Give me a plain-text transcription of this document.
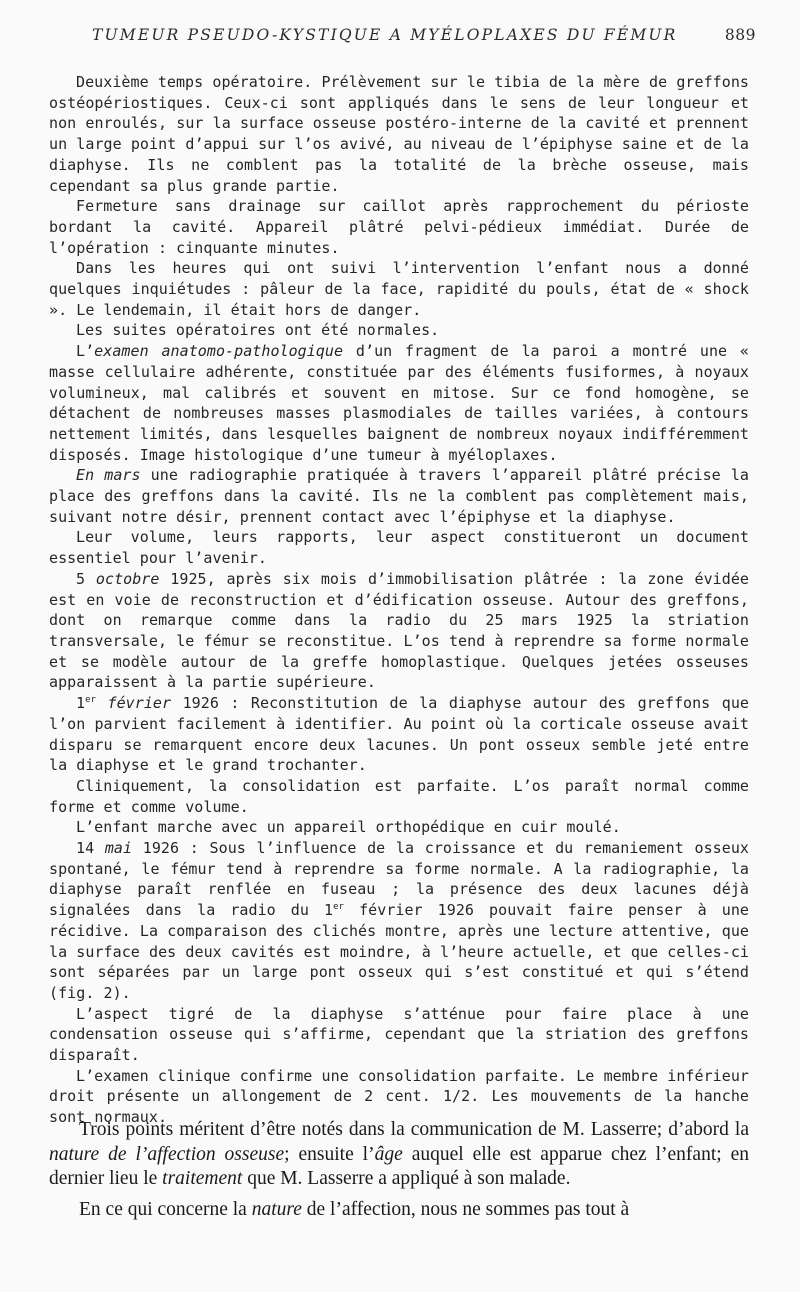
TUMEUR PSEUDO-KYSTIQUE A MYÉLOPLAXES DU FÉMUR	889

Deuxième temps opératoire. Prélèvement sur le tibia de la mère de greffons ostéopériostiques. Ceux-ci sont appliqués dans le sens de leur longueur et non enroulés, sur la surface osseuse postéro-interne de la cavité et prennent un large point d’appui sur l’os avivé, au niveau de l’épiphyse saine et de la diaphyse. Ils ne comblent pas la totalité de la brèche osseuse, mais cependant sa plus grande partie.

Fermeture sans drainage sur caillot après rapprochement du périoste bordant la cavité. Appareil plâtré pelvi-pédieux immédiat. Durée de l’opération : cinquante minutes.

Dans les heures qui ont suivi l’intervention l’enfant nous a donné quelques inquiétudes : pâleur de la face, rapidité du pouls, état de « shock ». Le lendemain, il était hors de danger.

Les suites opératoires ont été normales.

L’examen anatomo-pathologique d’un fragment de la paroi a montré une « masse cellulaire adhérente, constituée par des éléments fusiformes, à noyaux volumineux, mal calibrés et souvent en mitose. Sur ce fond homogène, se détachent de nombreuses masses plasmodiales de tailles variées, à contours nettement limités, dans lesquelles baignent de nombreux noyaux indifféremment disposés. Image histologique d’une tumeur à myéloplaxes.

En mars une radiographie pratiquée à travers l’appareil plâtré précise la place des greffons dans la cavité. Ils ne la comblent pas complètement mais, suivant notre désir, prennent contact avec l’épiphyse et la diaphyse.

Leur volume, leurs rapports, leur aspect constitueront un document essentiel pour l’avenir.

5 octobre 1925, après six mois d’immobilisation plâtrée : la zone évidée est en voie de reconstruction et d’édification osseuse. Autour des greffons, dont on remarque comme dans la radio du 25 mars 1925 la striation transversale, le fémur se reconstitue. L’os tend à reprendre sa forme normale et se modèle autour de la greffe homoplastique. Quelques jetées osseuses apparaissent à la partie supérieure.

1er février 1926 : Reconstitution de la diaphyse autour des greffons que l’on parvient facilement à identifier. Au point où la corticale osseuse avait disparu se remarquent encore deux lacunes. Un pont osseux semble jeté entre la diaphyse et le grand trochanter.

Cliniquement, la consolidation est parfaite. L’os paraît normal comme forme et comme volume.

L’enfant marche avec un appareil orthopédique en cuir moulé.

14 mai 1926 : Sous l’influence de la croissance et du remaniement osseux spontané, le fémur tend à reprendre sa forme normale. A la radiographie, la diaphyse paraît renflée en fuseau ; la présence des deux lacunes déjà signalées dans la radio du 1er février 1926 pouvait faire penser à une récidive. La comparaison des clichés montre, après une lecture attentive, que la surface des deux cavités est moindre, à l’heure actuelle, et que celles-ci sont séparées par un large pont osseux qui s’est constitué et qui s’étend (fig. 2).

L’aspect tigré de la diaphyse s’atténue pour faire place à une condensation osseuse qui s’affirme, cependant que la striation des greffons disparaît.

L’examen clinique confirme une consolidation parfaite. Le membre inférieur droit présente un allongement de 2 cent. 1/2. Les mouvements de la hanche sont normaux.

Trois points méritent d’être notés dans la communication de M. Lasserre; d’abord la nature de l’affection osseuse; ensuite l’âge auquel elle est apparue chez l’enfant; en dernier lieu le traitement que M. Lasserre a appliqué à son malade.

En ce qui concerne la nature de l’affection, nous ne sommes pas tout à
